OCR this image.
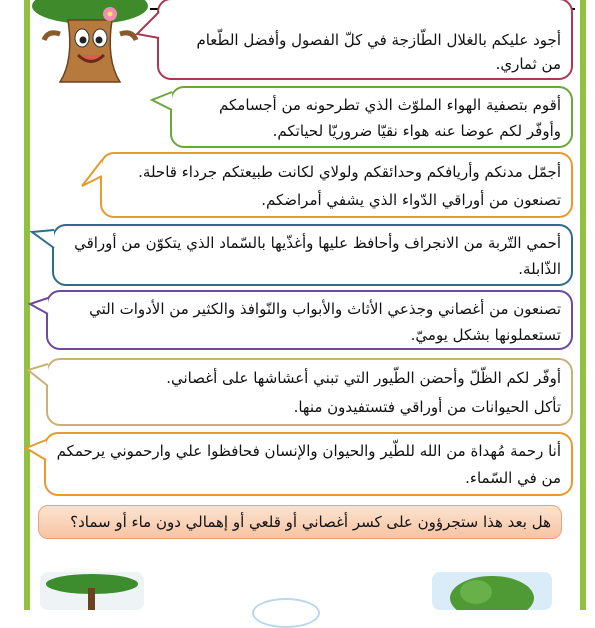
أجود عليكم بالغلال الطّازجة في كلّ الفصول وأفضل الطّعام
من ثماري.
أقوم بتصفية الهواء الملوّث الذي تطرحونه من أجسامكم
وأوفّر لكم عوضا عنه هواء نقيّا ضروريّا لحياتكم.
أجمّل مدنكم وأريافكم وحدائقكم ولولاي لكانت طبيعتكم جرداء قاحلة.
تصنعون من أوراقي الدّواء الذي يشفي أمراضكم.
أحمي التّربة من الانجراف وأحافظ عليها وأغذّيها بالسّماد الذي يتكوّن من أوراقي
الذّابلة.
تصنعون من أغصاني وجذعي الأثاث والأبواب والنّوافذ والكثير من الأدوات التي
تستعملونها بشكل يوميّ.
أوفّر لكم الظّلّ وأحضن الطّيور التي تبني أعشاشها على أغصاني.
تأكل الحيوانات من أوراقي فتستفيدون منها.
أنا رحمة مُهداة من الله للطّير والحيوان والإنسان فحافظوا علي وارحموني يرحمكم
من في السّماء.
هل بعد هذا ستجرؤون على كسر أغصاني أو قلعي أو إهمالي دون ماء أو سماد؟
